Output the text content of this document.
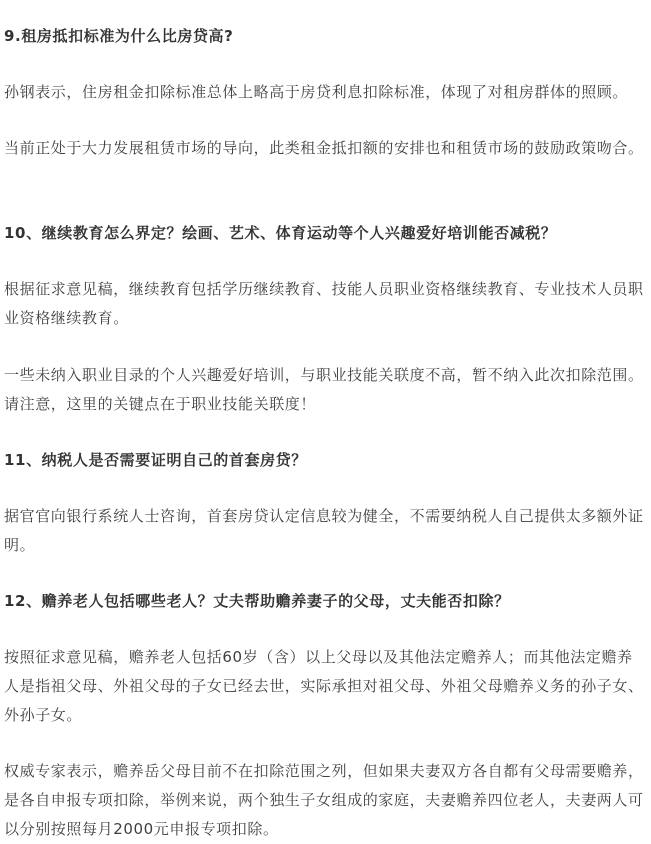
9.租房抵扣标准为什么比房贷高?

孙钢表示，住房租金扣除标准总体上略高于房贷利息扣除标准，体现了对租房群体的照顾。

当前正处于大力发展租赁市场的导向，此类租金抵扣额的安排也和租赁市场的鼓励政策吻合。

10、继续教育怎么界定？绘画、艺术、体育运动等个人兴趣爱好培训能否减税？

根据征求意见稿，继续教育包括学历继续教育、技能人员职业资格继续教育、专业技术人员职业资格继续教育。

一些未纳入职业目录的个人兴趣爱好培训，与职业技能关联度不高，暂不纳入此次扣除范围。请注意，这里的关键点在于职业技能关联度！

11、纳税人是否需要证明自己的首套房贷？

据官官向银行系统人士咨询，首套房贷认定信息较为健全，不需要纳税人自己提供太多额外证明。

12、赡养老人包括哪些老人？丈夫帮助赡养妻子的父母，丈夫能否扣除？

按照征求意见稿，赡养老人包括60岁（含）以上父母以及其他法定赡养人；而其他法定赡养人是指祖父母、外祖父母的子女已经去世，实际承担对祖父母、外祖父母赡养义务的孙子女、外孙子女。

权威专家表示，赡养岳父母目前不在扣除范围之列，但如果夫妻双方各自都有父母需要赡养，是各自申报专项扣除，举例来说，两个独生子女组成的家庭，夫妻赡养四位老人，夫妻两人可以分别按照每月2000元申报专项扣除。
